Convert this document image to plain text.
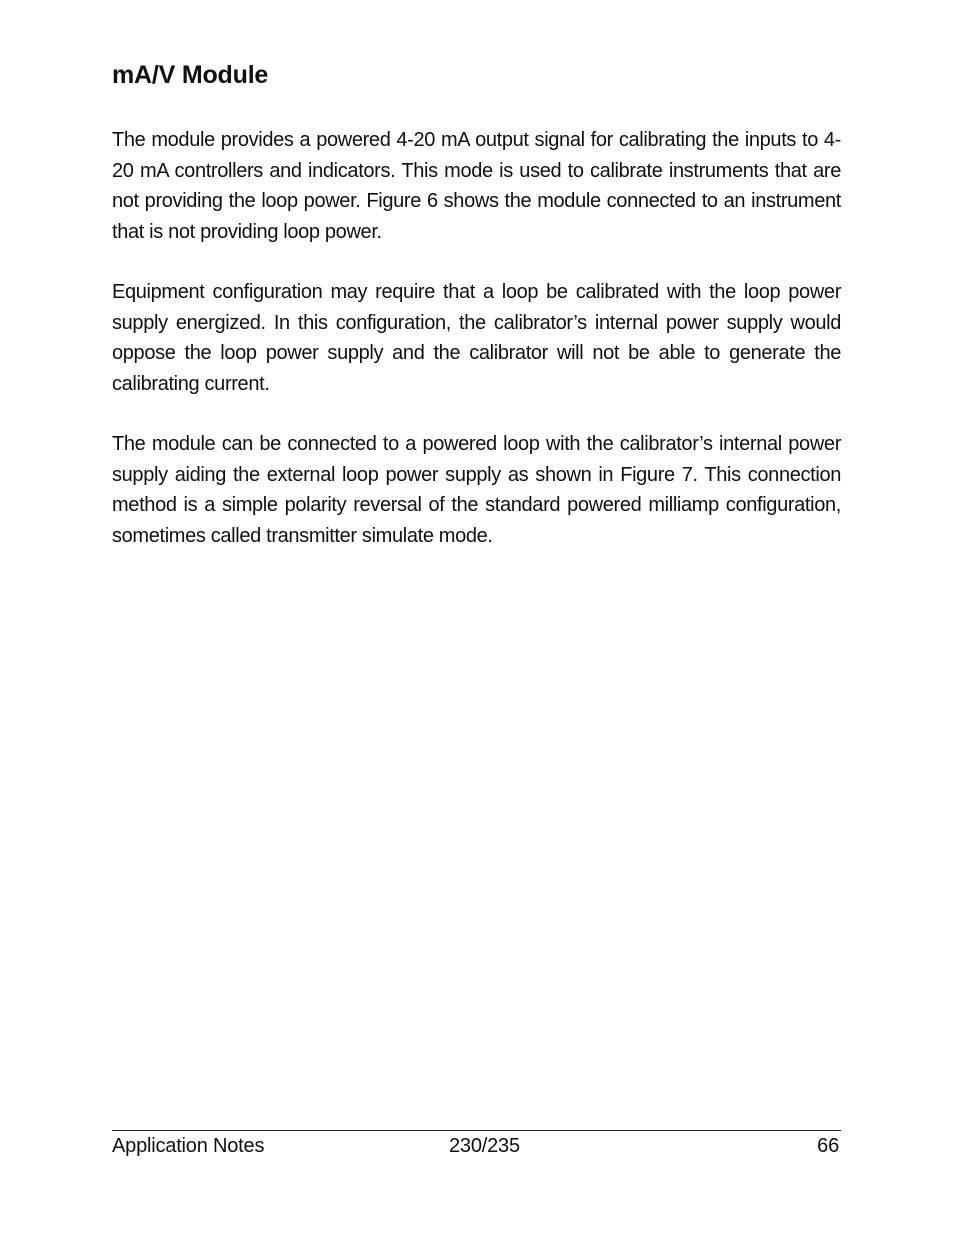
mA/V Module

The module provides a powered 4-20 mA output signal for calibrating the inputs to 4-20 mA controllers and indicators. This mode is used to calibrate instruments that are not providing the loop power. Figure 6 shows the module connected to an instrument that is not providing loop power.

Equipment configuration may require that a loop be calibrated with the loop power supply energized. In this configuration, the calibrator’s internal power supply would oppose the loop power supply and the calibrator will not be able to generate the calibrating current.

The module can be connected to a powered loop with the calibrator’s internal power supply aiding the external loop power supply as shown in Figure 7. This connection method is a simple polarity reversal of the standard powered milliamp configuration, sometimes called transmitter simulate mode.

Application Notes	230/235	66
